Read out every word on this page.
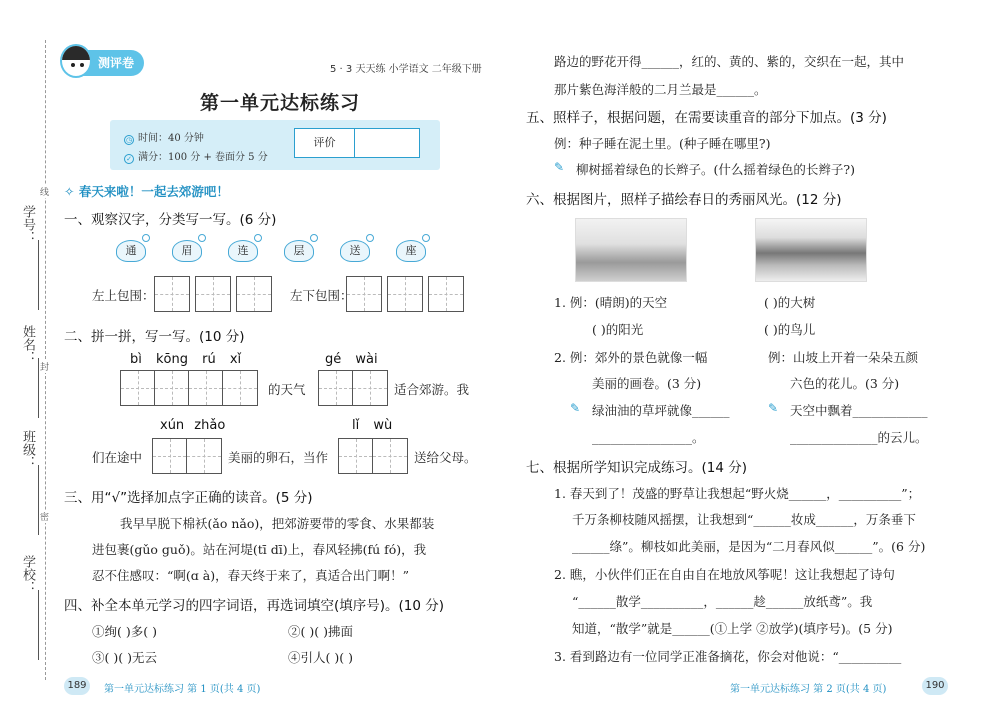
学号：
姓名：
班级：
学校：
线
封
密
测评卷	5 · 3 天天练 小学语文 二年级下册
第一单元达标练习
◷ 时间：40 分钟
✓ 满分：100 分 + 卷面分 5 分
评价
✧ 春天来啦！一起去郊游吧！
一、观察汉字，分类写一写。(6 分)
通	眉	连	层	送	座
左上包围：	左下包围：
二、拼一拼，写一写。(10 分)
bì kōng rú xǐ	gé wài
的天气	适合郊游。我
xún zhǎo	lǐ wù
们在途中	美丽的卵石，当作	送给父母。
三、用“√”选择加点字正确的读音。(5 分)
我早早脱下棉袄(ǎo nǎo)，把郊游要带的零食、水果都装
进包裹(gǔo guǒ)。站在河堤(tī dī)上，春风轻拂(fú fó)，我
忍不住感叹：“啊(ɑ à)，春天终于来了，真适合出门啊！”
四、补全本单元学习的四字词语，再选词填空(填序号)。(10 分)
①绚( )多( )	②( )( )拂面
③( )( )无云	④引人( )( )
189	第一单元达标练习 第 1 页(共 4 页)
路边的野花开得______，红的、黄的、紫的，交织在一起，其中
那片紫色海洋般的二月兰最是______。
五、照样子，根据问题，在需要读重音的部分下加点。(3 分)
例：种子睡在泥土里。(种子睡在哪里?)
✎ 柳树摇着绿色的长辫子。(什么摇着绿色的长辫子?)
六、根据图片，照样子描绘春日的秀丽风光。(12 分)
1. 例：(晴朗)的天空	( )的大树
( )的阳光	( )的鸟儿
2. 例：郊外的景色就像一幅
美丽的画卷。(3 分)
例：山坡上开着一朵朵五颜
六色的花儿。(3 分)
✎ 绿油油的草坪就像______
________________。
✎ 天空中飘着____________
______________的云儿。
七、根据所学知识完成练习。(14 分)
1. 春天到了！茂盛的野草让我想起“野火烧______，__________”；
千万条柳枝随风摇摆，让我想到“______妆成______，万条垂下
______绦”。柳枝如此美丽，是因为“二月春风似______”。(6 分)
2. 瞧，小伙伴们正在自由自在地放风筝呢！这让我想起了诗句
“______散学__________，______趁______放纸鸢”。我
知道，“散学”就是______(①上学 ②放学)(填序号)。(5 分)
3. 看到路边有一位同学正准备摘花，你会对他说：“__________
第一单元达标练习 第 2 页(共 4 页)	190
